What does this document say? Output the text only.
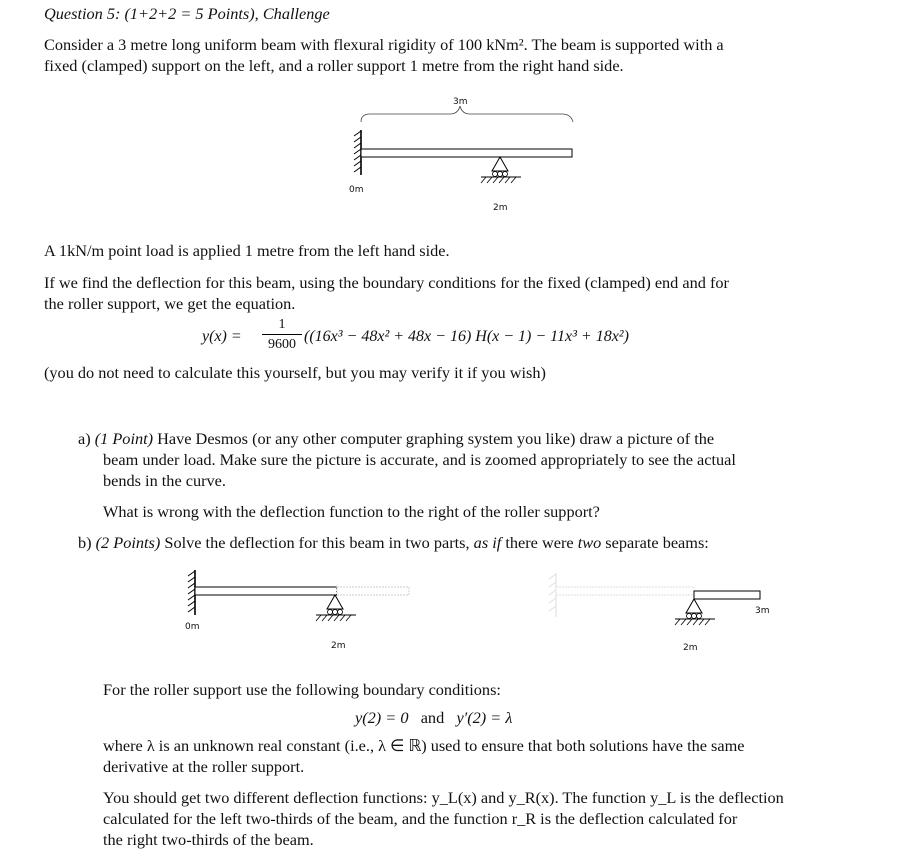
Question 5: (1+2+2 = 5 Points), Challenge
Consider a 3 metre long uniform beam with flexural rigidity of 100 kNm². The beam is supported with a
fixed (clamped) support on the left, and a roller support 1 metre from the right hand side.
3m
0m
2m
A 1kN/m point load is applied 1 metre from the left hand side.
If we find the deflection for this beam, using the boundary conditions for the fixed (clamped) end and for
the roller support, we get the equation.
y(x) =
1
9600 ((16x³ − 48x² + 48x − 16) H(x − 1) − 11x³ + 18x²)
(you do not need to calculate this yourself, but you may verify it if you wish)
a) (1 Point) Have Desmos (or any other computer graphing system you like) draw a picture of the
beam under load. Make sure the picture is accurate, and is zoomed appropriately to see the actual
bends in the curve.
What is wrong with the deflection function to the right of the roller support?
b) (2 Points) Solve the deflection for this beam in two parts, as if there were two separate beams:
0m
2m
3m
2m
For the roller support use the following boundary conditions:
y(2) = 0 and y′(2) = λ
where λ is an unknown real constant (i.e., λ ∈ ℝ) used to ensure that both solutions have the same
derivative at the roller support.
You should get two different deflection functions: y_L(x) and y_R(x). The function y_L is the deflection
calculated for the left two-thirds of the beam, and the function r_R is the deflection calculated for
the right two-thirds of the beam.
